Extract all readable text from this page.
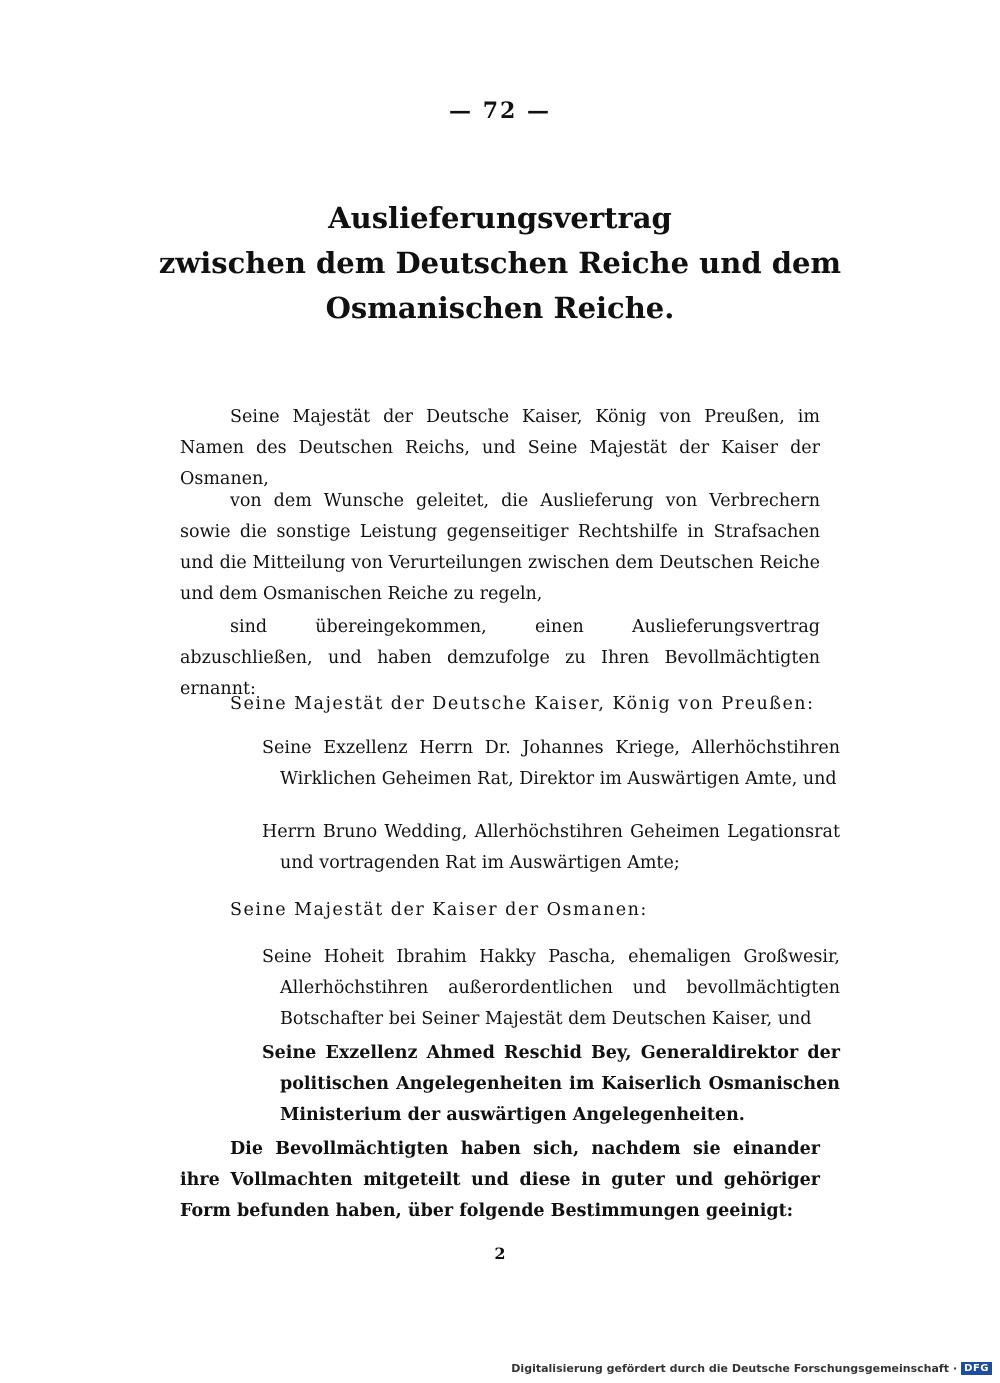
— 72 —
Auslieferungsvertrag
zwischen dem Deutschen Reiche und dem
Osmanischen Reiche.

Seine Majestät der Deutsche Kaiser, König von Preußen, im Namen des Deutschen Reichs, und Seine Majestät der Kaiser der Osmanen,

von dem Wunsche geleitet, die Auslieferung von Verbrechern sowie die sonstige Leistung gegenseitiger Rechtshilfe in Strafsachen und die Mitteilung von Verurteilungen zwischen dem Deutschen Reiche und dem Osmanischen Reiche zu regeln,

sind übereingekommen, einen Auslieferungsvertrag abzuschließen, und haben demzufolge zu Ihren Bevollmächtigten ernannt:

Seine Majestät der Deutsche Kaiser, König von Preußen:

Seine Exzellenz Herrn Dr. Johannes Kriege, Allerhöchstihren Wirklichen Geheimen Rat, Direktor im Auswärtigen Amte, und

Herrn Bruno Wedding, Allerhöchstihren Geheimen Legationsrat und vortragenden Rat im Auswärtigen Amte;

Seine Majestät der Kaiser der Osmanen:

Seine Hoheit Ibrahim Hakky Pascha, ehemaligen Großwesir, Allerhöchstihren außerordentlichen und bevollmächtigten Botschafter bei Seiner Majestät dem Deutschen Kaiser, und

Seine Exzellenz Ahmed Reschid Bey, Generaldirektor der politischen Angelegenheiten im Kaiserlich Osmanischen Ministerium der auswärtigen Angelegenheiten.

Die Bevollmächtigten haben sich, nachdem sie einander ihre Vollmachten mitgeteilt und diese in guter und gehöriger Form befunden haben, über folgende Bestimmungen geeinigt:

2
Digitalisierung gefördert durch die Deutsche Forschungsgemeinschaft · DFG
